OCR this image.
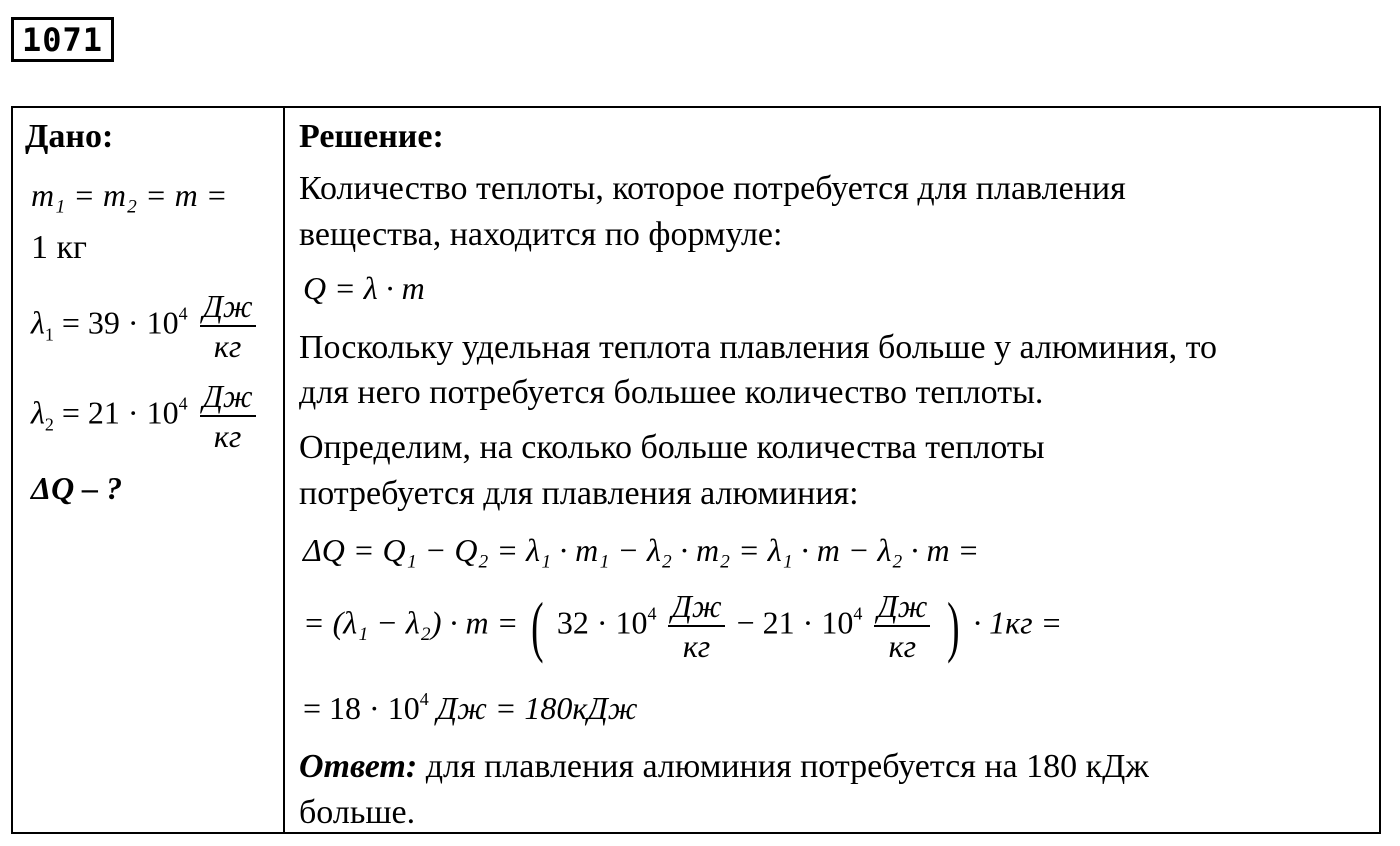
1071
Дано:
m₁ = m₂ = m =
1 кг
$\lambda_1 = 39 \cdot 10^4 \frac{Дж}{кг}$
$\lambda_2 = 21 \cdot 10^4 \frac{Дж}{кг}$
ΔQ – ?
Решение:
Количество теплоты, которое потребуется для плавления
вещества, находится по формуле:
Q = λ · m
Поскольку удельная теплота плавления больше у алюминия, то
для него потребуется большее количество теплоты.
Определим, на сколько больше количества теплоты
потребуется для плавления алюминия:
ΔQ = Q₁ − Q₂ = λ₁ · m₁ − λ₂ · m₂ = λ₁ · m − λ₂ · m =
= (λ₁ − λ₂) · m = ( $32 \cdot 10^4 \frac{Дж}{кг} - 21 \cdot 10^4 \frac{Дж}{кг}$ ) · 1кг =
= $18 \cdot 10^4$ Дж = 180кДж
Ответ: для плавления алюминия потребуется на 180 кДж
больше.
